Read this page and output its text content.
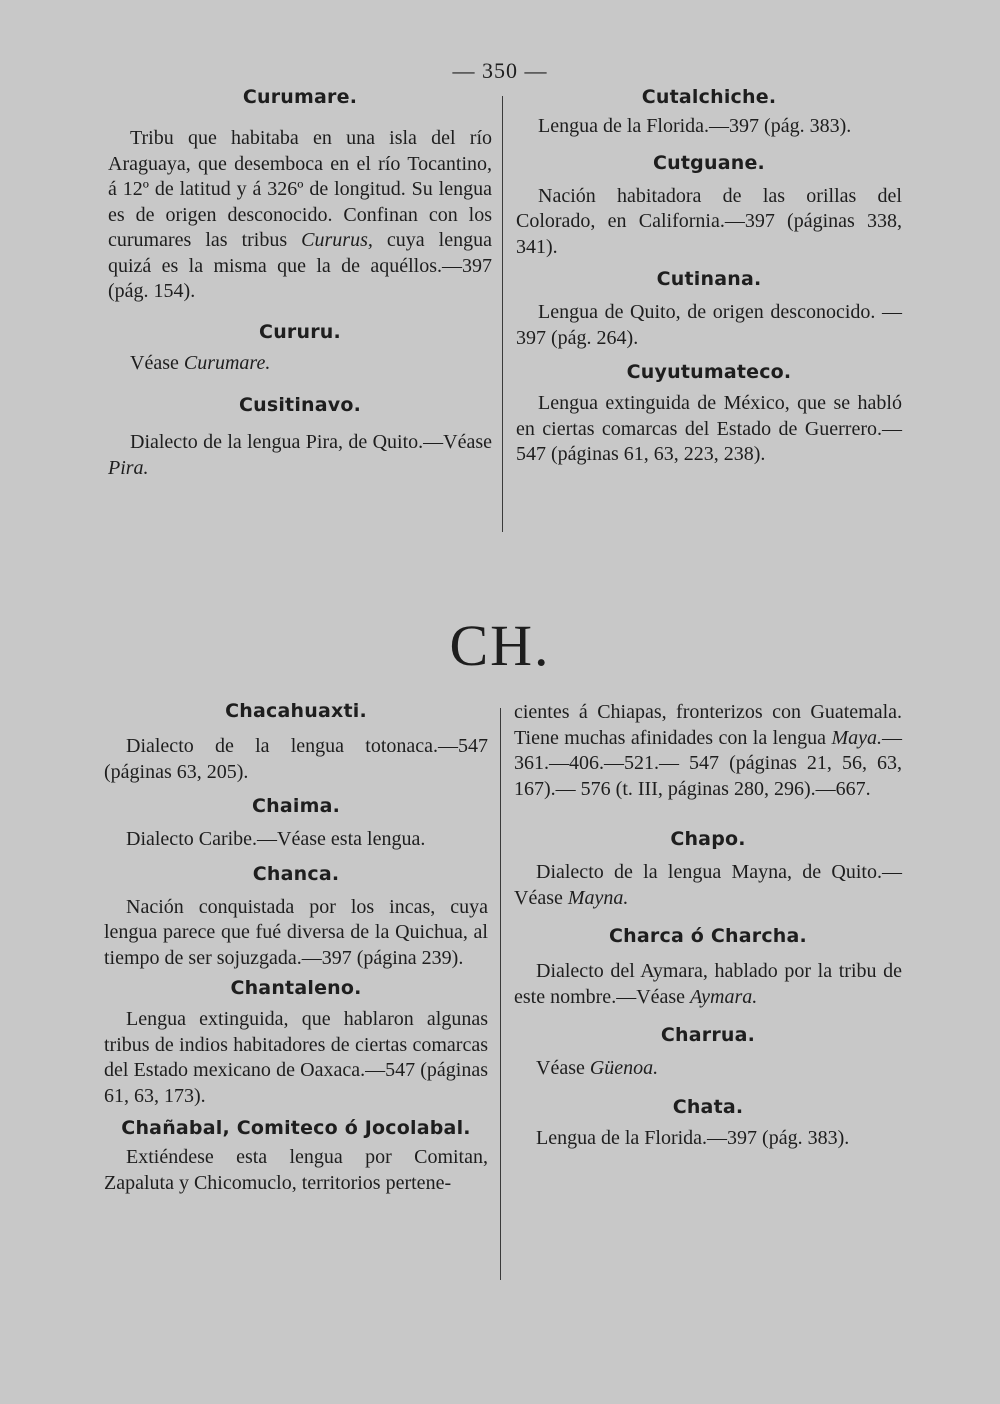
— 350 —

Curumare.

Tribu que habitaba en una isla del río Araguaya, que desemboca en el río Tocantino, á 12º de latitud y á 326º de longitud. Su lengua es de origen desconocido. Confinan con los curumares las tribus Cururus, cuya lengua quizá es la misma que la de aquéllos.—397 (pág. 154).

Cururu.

Véase Curumare.

Cusitinavo.

Dialecto de la lengua Pira, de Quito.—Véase Pira.

Cutalchiche.

Lengua de la Florida.—397 (pág. 383).

Cutguane.

Nación habitadora de las orillas del Colorado, en California.—397 (páginas 338, 341).

Cutinana.

Lengua de Quito, de origen desconocido. —397 (pág. 264).

Cuyutumateco.

Lengua extinguida de México, que se habló en ciertas comarcas del Estado de Guerrero.—547 (páginas 61, 63, 223, 238).

CH.

Chacahuaxti.

Dialecto de la lengua totonaca.—547 (páginas 63, 205).

Chaima.

Dialecto Caribe.—Véase esta lengua.

Chanca.

Nación conquistada por los incas, cuya lengua parece que fué diversa de la Quichua, al tiempo de ser sojuzgada.—397 (página 239).

Chantaleno.

Lengua extinguida, que hablaron algunas tribus de indios habitadores de ciertas comarcas del Estado mexicano de Oaxaca.—547 (páginas 61, 63, 173).

Chañabal, Comiteco ó Jocolabal.

Extiéndese esta lengua por Comitan, Zapaluta y Chicomuclo, territorios pertene-

cientes á Chiapas, fronterizos con Guatemala. Tiene muchas afinidades con la lengua Maya.—361.—406.—521.— 547 (páginas 21, 56, 63, 167).— 576 (t. III, páginas 280, 296).—667.

Chapo.

Dialecto de la lengua Mayna, de Quito.—Véase Mayna.

Charca ó Charcha.

Dialecto del Aymara, hablado por la tribu de este nombre.—Véase Aymara.

Charrua.

Véase Güenoa.

Chata.

Lengua de la Florida.—397 (pág. 383).
